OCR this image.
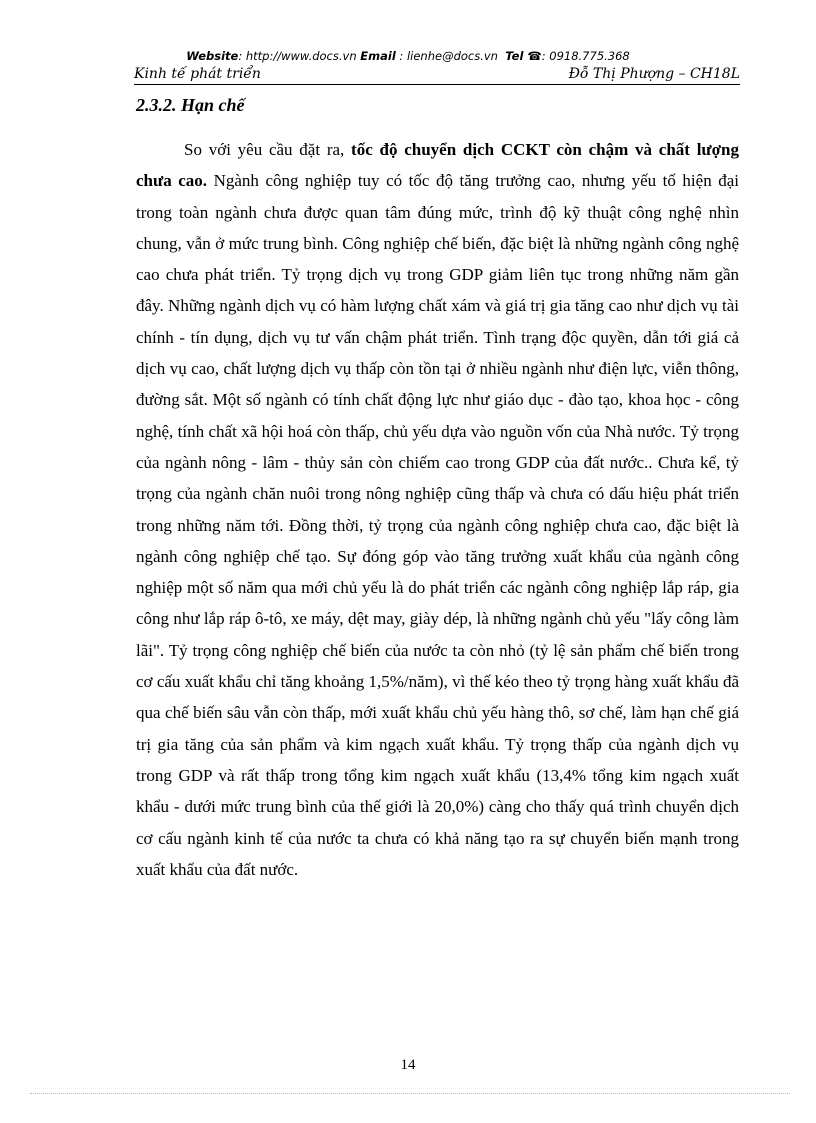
Website: http://www.docs.vn Email : lienhe@docs.vn Tel ☎: 0918.775.368
Kinh tế phát triển	Đỗ Thị Phượng – CH18L
2.3.2. Hạn chế

So với yêu cầu đặt ra, tốc độ chuyển dịch CCKT còn chậm và chất lượng chưa cao. Ngành công nghiệp tuy có tốc độ tăng trưởng cao, nhưng yếu tố hiện đại trong toàn ngành chưa được quan tâm đúng mức, trình độ kỹ thuật công nghệ nhìn chung, vẫn ở mức trung bình. Công nghiệp chế biến, đặc biệt là những ngành công nghệ cao chưa phát triển. Tỷ trọng dịch vụ trong GDP giảm liên tục trong những năm gần đây. Những ngành dịch vụ có hàm lượng chất xám và giá trị gia tăng cao như dịch vụ tài chính - tín dụng, dịch vụ tư vấn chậm phát triển. Tình trạng độc quyền, dẫn tới giá cả dịch vụ cao, chất lượng dịch vụ thấp còn tồn tại ở nhiều ngành như điện lực, viễn thông, đường sắt. Một số ngành có tính chất động lực như giáo dục - đào tạo, khoa học - công nghệ, tính chất xã hội hoá còn thấp, chủ yếu dựa vào nguồn vốn của Nhà nước. Tỷ trọng của ngành nông - lâm - thủy sản còn chiếm cao trong GDP của đất nước.. Chưa kể, tỷ trọng của ngành chăn nuôi trong nông nghiệp cũng thấp và chưa có dấu hiệu phát triển trong những năm tới. Đồng thời, tỷ trọng của ngành công nghiệp chưa cao, đặc biệt là ngành công nghiệp chế tạo. Sự đóng góp vào tăng trưởng xuất khẩu của ngành công nghiệp một số năm qua mới chủ yếu là do phát triển các ngành công nghiệp lắp ráp, gia công như lắp ráp ô-tô, xe máy, dệt may, giày dép, là những ngành chủ yếu "lấy công làm lãi". Tỷ trọng công nghiệp chế biến của nước ta còn nhỏ (tỷ lệ sản phẩm chế biến trong cơ cấu xuất khẩu chỉ tăng khoảng 1,5%/năm), vì thế kéo theo tỷ trọng hàng xuất khẩu đã qua chế biến sâu vẫn còn thấp, mới xuất khẩu chủ yếu hàng thô, sơ chế, làm hạn chế giá trị gia tăng của sản phẩm và kim ngạch xuất khẩu. Tỷ trọng thấp của ngành dịch vụ trong GDP và rất thấp trong tổng kim ngạch xuất khẩu (13,4% tổng kim ngạch xuất khẩu - dưới mức trung bình của thế giới là 20,0%) càng cho thấy quá trình chuyển dịch cơ cấu ngành kinh tế của nước ta chưa có khả năng tạo ra sự chuyển biến mạnh trong xuất khẩu của đất nước.

14
